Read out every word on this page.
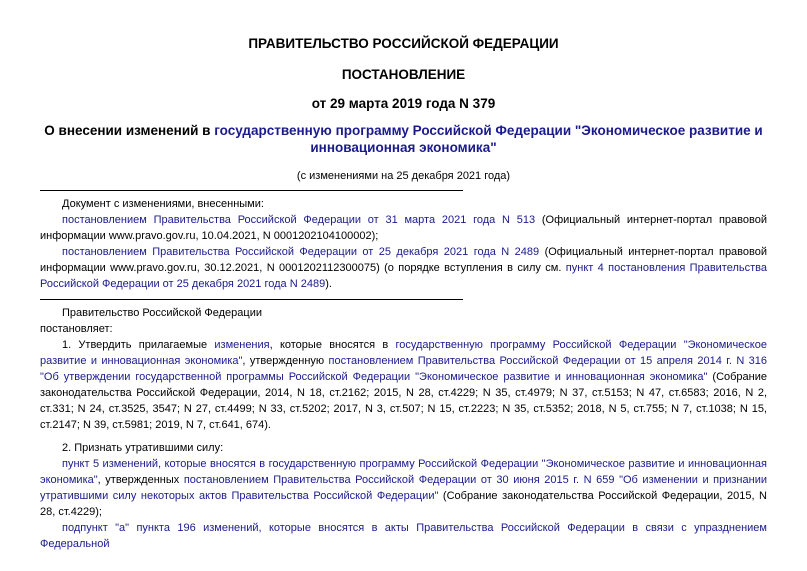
ПРАВИТЕЛЬСТВО РОССИЙСКОЙ ФЕДЕРАЦИИ
ПОСТАНОВЛЕНИЕ
от 29 марта 2019 года N 379
О внесении изменений в государственную программу Российской Федерации "Экономическое развитие и инновационная экономика"
(с изменениями на 25 декабря 2021 года)
Документ с изменениями, внесенными:
постановлением Правительства Российской Федерации от 31 марта 2021 года N 513 (Официальный интернет-портал правовой информации www.pravo.gov.ru, 10.04.2021, N 0001202104100002);
постановлением Правительства Российской Федерации от 25 декабря 2021 года N 2489 (Официальный интернет-портал правовой информации www.pravo.gov.ru, 30.12.2021, N 0001202112300075) (о порядке вступления в силу см. пункт 4 постановления Правительства Российской Федерации от 25 декабря 2021 года N 2489).
Правительство Российской Федерации
постановляет:
1. Утвердить прилагаемые изменения, которые вносятся в государственную программу Российской Федерации "Экономическое развитие и инновационная экономика", утвержденную постановлением Правительства Российской Федерации от 15 апреля 2014 г. N 316 "Об утверждении государственной программы Российской Федерации "Экономическое развитие и инновационная экономика" (Собрание законодательства Российской Федерации, 2014, N 18, ст.2162; 2015, N 28, ст.4229; N 35, ст.4979; N 37, ст.5153; N 47, ст.6583; 2016, N 2, ст.331; N 24, ст.3525, 3547; N 27, ст.4499; N 33, ст.5202; 2017, N 3, ст.507; N 15, ст.2223; N 35, ст.5352; 2018, N 5, ст.755; N 7, ст.1038; N 15, ст.2147; N 39, ст.5981; 2019, N 7, ст.641, 674).
2. Признать утратившими силу:
пункт 5 изменений, которые вносятся в государственную программу Российской Федерации "Экономическое развитие и инновационная экономика", утвержденных постановлением Правительства Российской Федерации от 30 июня 2015 г. N 659 "Об изменении и признании утратившими силу некоторых актов Правительства Российской Федерации" (Собрание законодательства Российской Федерации, 2015, N 28, ст.4229);
подпункт "а" пункта 196 изменений, которые вносятся в акты Правительства Российской Федерации в связи с упразднением Федеральной
